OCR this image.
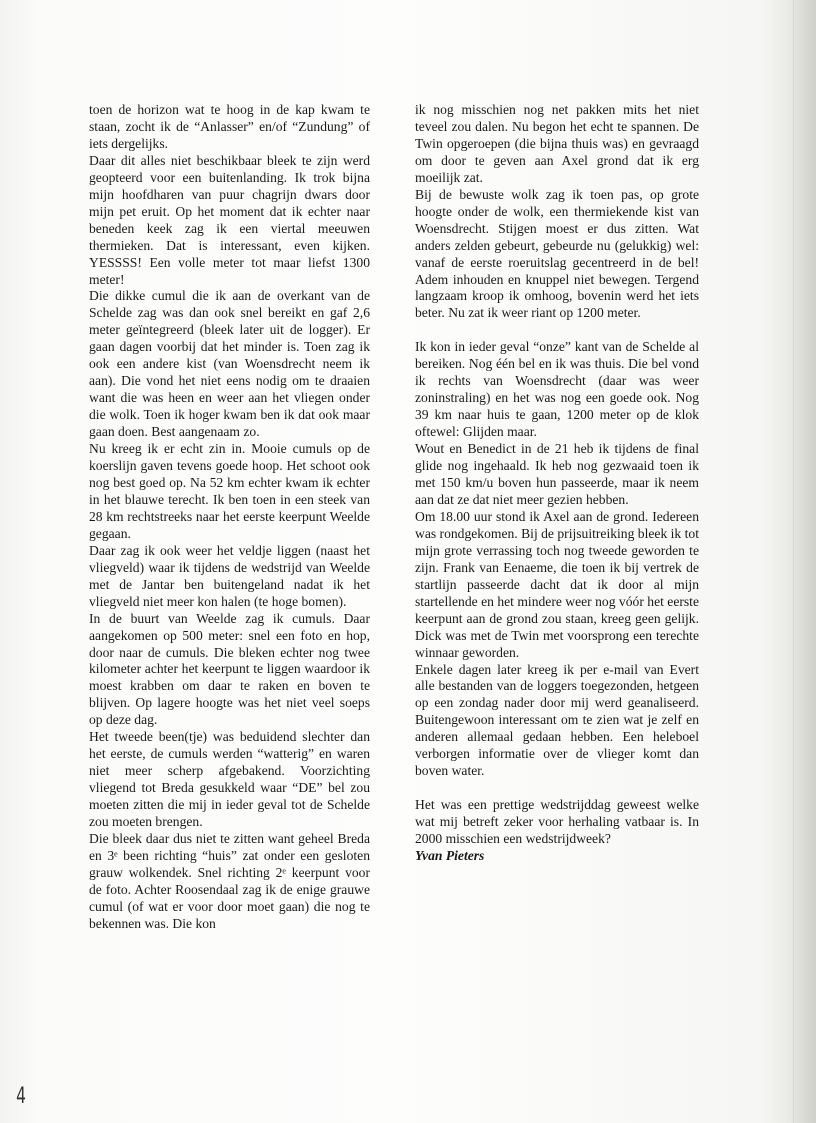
toen de horizon wat te hoog in de kap kwam te staan, zocht ik de “Anlasser” en/of “Zundung” of iets dergelijks.

Daar dit alles niet beschikbaar bleek te zijn werd geopteerd voor een buitenlanding. Ik trok bijna mijn hoofdharen van puur chagrijn dwars door mijn pet eruit. Op het moment dat ik echter naar beneden keek zag ik een viertal meeuwen thermieken. Dat is interessant, even kijken. YESSSS! Een volle meter tot maar liefst 1300 meter!

Die dikke cumul die ik aan de overkant van de Schelde zag was dan ook snel bereikt en gaf 2,6 meter geïntegreerd (bleek later uit de logger). Er gaan dagen voorbij dat het minder is. Toen zag ik ook een andere kist (van Woensdrecht neem ik aan). Die vond het niet eens nodig om te draaien want die was heen en weer aan het vliegen onder die wolk. Toen ik hoger kwam ben ik dat ook maar gaan doen. Best aangenaam zo.

Nu kreeg ik er echt zin in. Mooie cumuls op de koerslijn gaven tevens goede hoop. Het schoot ook nog best goed op. Na 52 km echter kwam ik echter in het blauwe terecht. Ik ben toen in een steek van 28 km rechtstreeks naar het eerste keerpunt Weelde gegaan.

Daar zag ik ook weer het veldje liggen (naast het vliegveld) waar ik tijdens de wedstrijd van Weelde met de Jantar ben buitengeland nadat ik het vliegveld niet meer kon halen (te hoge bomen).

In de buurt van Weelde zag ik cumuls. Daar aangekomen op 500 meter: snel een foto en hop, door naar de cumuls. Die bleken echter nog twee kilometer achter het keerpunt te liggen waardoor ik moest krabben om daar te raken en boven te blijven. Op lagere hoogte was het niet veel soeps op deze dag.

Het tweede been(tje) was beduidend slechter dan het eerste, de cumuls werden “watterig” en waren niet meer scherp afgebakend. Voorzichting vliegend tot Breda gesukkeld waar “DE” bel zou moeten zitten die mij in ieder geval tot de Schelde zou moeten brengen.

Die bleek daar dus niet te zitten want geheel Breda en 3ᵉ been richting “huis” zat onder een gesloten grauw wolkendek. Snel richting 2ᵉ keerpunt voor de foto. Achter Roosendaal zag ik de enige grauwe cumul (of wat er voor door moet gaan) die nog te bekennen was. Die kon

ik nog misschien nog net pakken mits het niet teveel zou dalen. Nu begon het echt te spannen. De Twin opgeroepen (die bijna thuis was) en gevraagd om door te geven aan Axel grond dat ik erg moeilijk zat.

Bij de bewuste wolk zag ik toen pas, op grote hoogte onder de wolk, een thermiekende kist van Woensdrecht. Stijgen moest er dus zitten. Wat anders zelden gebeurt, gebeurde nu (gelukkig) wel: vanaf de eerste roeruitslag gecentreerd in de bel! Adem inhouden en knuppel niet bewegen. Tergend langzaam kroop ik omhoog, bovenin werd het iets beter. Nu zat ik weer riant op 1200 meter.

Ik kon in ieder geval “onze” kant van de Schelde al bereiken. Nog één bel en ik was thuis. Die bel vond ik rechts van Woensdrecht (daar was weer zoninstraling) en het was nog een goede ook. Nog 39 km naar huis te gaan, 1200 meter op de klok oftewel: Glijden maar.

Wout en Benedict in de 21 heb ik tijdens de final glide nog ingehaald. Ik heb nog gezwaaid toen ik met 150 km/u boven hun passeerde, maar ik neem aan dat ze dat niet meer gezien hebben.

Om 18.00 uur stond ik Axel aan de grond. Iedereen was rondgekomen. Bij de prijsuitreiking bleek ik tot mijn grote verrassing toch nog tweede geworden te zijn. Frank van Eenaeme, die toen ik bij vertrek de startlijn passeerde dacht dat ik door al mijn startellende en het mindere weer nog vóór het eerste keerpunt aan de grond zou staan, kreeg geen gelijk. Dick was met de Twin met voorsprong een terechte winnaar geworden.

Enkele dagen later kreeg ik per e-mail van Evert alle bestanden van de loggers toegezonden, hetgeen op een zondag nader door mij werd geanaliseerd. Buitengewoon interessant om te zien wat je zelf en anderen allemaal gedaan hebben. Een heleboel verborgen informatie over de vlieger komt dan boven water.

Het was een prettige wedstrijddag geweest welke wat mij betreft zeker voor herhaling vatbaar is. In 2000 misschien een wedstrijdweek?

Yvan Pieters

4
